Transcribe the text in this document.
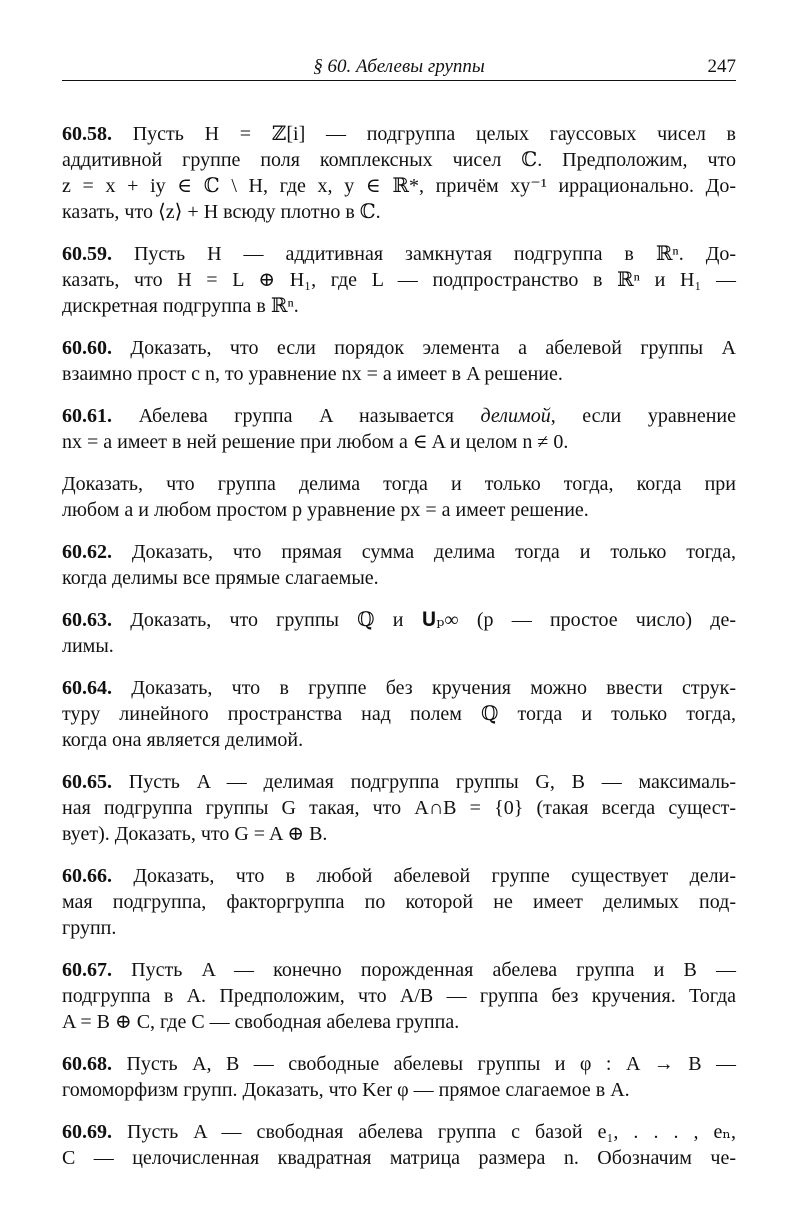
§ 60. Абелевы группы	247
60.58. Пусть H = ℤ[i] — подгруппа целых гауссовых чисел в
аддитивной группе поля комплексных чисел ℂ. Предположим, что
z = x + iy ∈ ℂ \ H, где x, y ∈ ℝ*, причём xy⁻¹ иррационально. До-
казать, что ⟨z⟩ + H всюду плотно в ℂ.
60.59. Пусть H — аддитивная замкнутая подгруппа в ℝⁿ. До-
казать, что H = L ⊕ H₁, где L — подпространство в ℝⁿ и H₁ —
дискретная подгруппа в ℝⁿ.
60.60. Доказать, что если порядок элемента a абелевой группы A
взаимно прост с n, то уравнение nx = a имеет в A решение.
60.61. Абелева группа A называется делимой, если уравнение
nx = a имеет в ней решение при любом a ∈ A и целом n ≠ 0.
Доказать, что группа делима тогда и только тогда, когда при
любом a и любом простом p уравнение px = a имеет решение.
60.62. Доказать, что прямая сумма делима тогда и только тогда,
когда делимы все прямые слагаемые.
60.63. Доказать, что группы ℚ и 𝐔ₚ∞ (p — простое число) де-
лимы.
60.64. Доказать, что в группе без кручения можно ввести струк-
туру линейного пространства над полем ℚ тогда и только тогда,
когда она является делимой.
60.65. Пусть A — делимая подгруппа группы G, B — максималь-
ная подгруппа группы G такая, что A∩B = {0} (такая всегда сущест-
вует). Доказать, что G = A ⊕ B.
60.66. Доказать, что в любой абелевой группе существует дели-
мая подгруппа, факторгруппа по которой не имеет делимых под-
групп.
60.67. Пусть A — конечно порожденная абелева группа и B —
подгруппа в A. Предположим, что A/B — группа без кручения. Тогда
A = B ⊕ C, где C — свободная абелева группа.
60.68. Пусть A, B — свободные абелевы группы и φ : A → B —
гомоморфизм групп. Доказать, что Ker φ — прямое слагаемое в A.
60.69. Пусть A — свободная абелева группа с базой e₁, . . . , eₙ,
C — целочисленная квадратная матрица размера n. Обозначим че-
